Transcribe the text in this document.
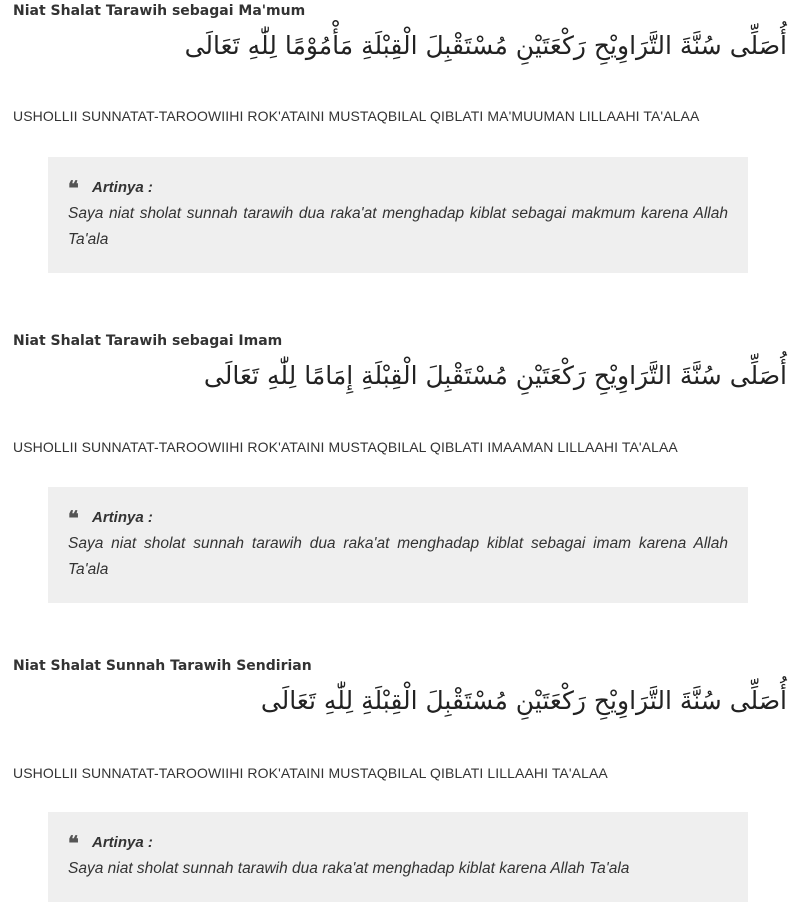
Niat Shalat Tarawih sebagai Ma'mum
أُصَلِّى سُنَّةَ التَّرَاوِيْحِ رَكْعَتَيْنِ مُسْتَقْبِلَ الْقِبْلَةِ مَأْمُوْمًا لِلّٰهِ تَعَالَى
USHOLLII SUNNATAT-TAROOWIIHI ROK'ATAINI MUSTAQBILAL QIBLATI MA'MUUMAN LILLAAHI TA'ALAA
❝ Artinya :
Saya niat sholat sunnah tarawih dua raka'at menghadap kiblat sebagai makmum karena Allah Ta'ala
Niat Shalat Tarawih sebagai Imam
أُصَلِّى سُنَّةَ التَّرَاوِيْحِ رَكْعَتَيْنِ مُسْتَقْبِلَ الْقِبْلَةِ إِمَامًا لِلّٰهِ تَعَالَى
USHOLLII SUNNATAT-TAROOWIIHI ROK'ATAINI MUSTAQBILAL QIBLATI IMAAMAN LILLAAHI TA'ALAA
❝ Artinya :
Saya niat sholat sunnah tarawih dua raka'at menghadap kiblat sebagai imam karena Allah Ta'ala
Niat Shalat Sunnah Tarawih Sendirian
أُصَلِّى سُنَّةَ التَّرَاوِيْحِ رَكْعَتَيْنِ مُسْتَقْبِلَ الْقِبْلَةِ لِلّٰهِ تَعَالَى
USHOLLII SUNNATAT-TAROOWIIHI ROK'ATAINI MUSTAQBILAL QIBLATI LILLAAHI TA'ALAA
❝ Artinya :
Saya niat sholat sunnah tarawih dua raka'at menghadap kiblat karena Allah Ta'ala
